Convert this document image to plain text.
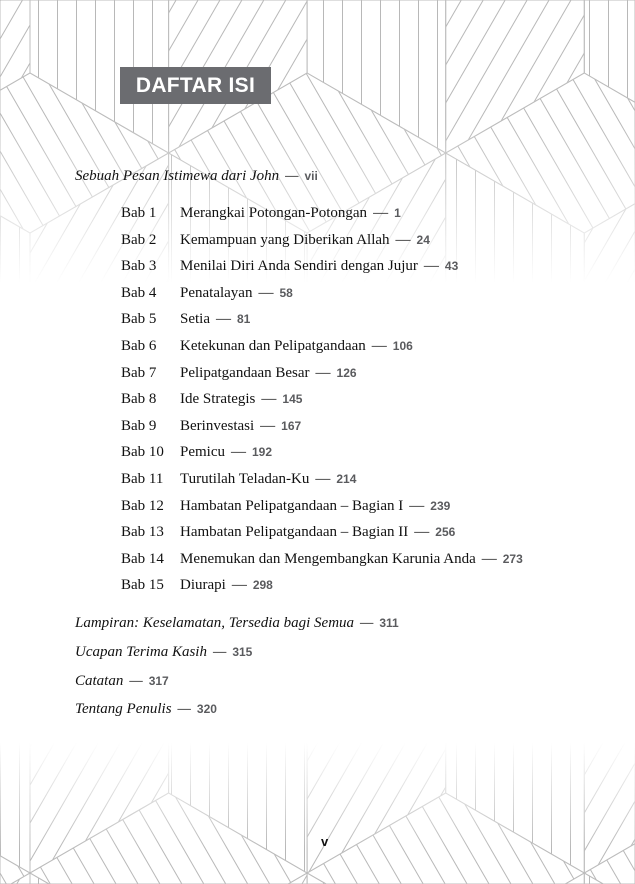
DAFTAR ISI
Sebuah Pesan Istimewa dari John — vii
Bab 1 Merangkai Potongan-Potongan — 1
Bab 2 Kemampuan yang Diberikan Allah — 24
Bab 3 Menilai Diri Anda Sendiri dengan Jujur — 43
Bab 4 Penatalayan — 58
Bab 5 Setia — 81
Bab 6 Ketekunan dan Pelipatgandaan — 106
Bab 7 Pelipatgandaan Besar — 126
Bab 8 Ide Strategis — 145
Bab 9 Berinvestasi — 167
Bab 10 Pemicu — 192
Bab 11 Turutilah Teladan-Ku — 214
Bab 12 Hambatan Pelipatgandaan – Bagian I — 239
Bab 13 Hambatan Pelipatgandaan – Bagian II — 256
Bab 14 Menemukan dan Mengembangkan Karunia Anda — 273
Bab 15 Diurapi — 298
Lampiran: Keselamatan, Tersedia bagi Semua — 311
Ucapan Terima Kasih — 315
Catatan — 317
Tentang Penulis — 320
v
